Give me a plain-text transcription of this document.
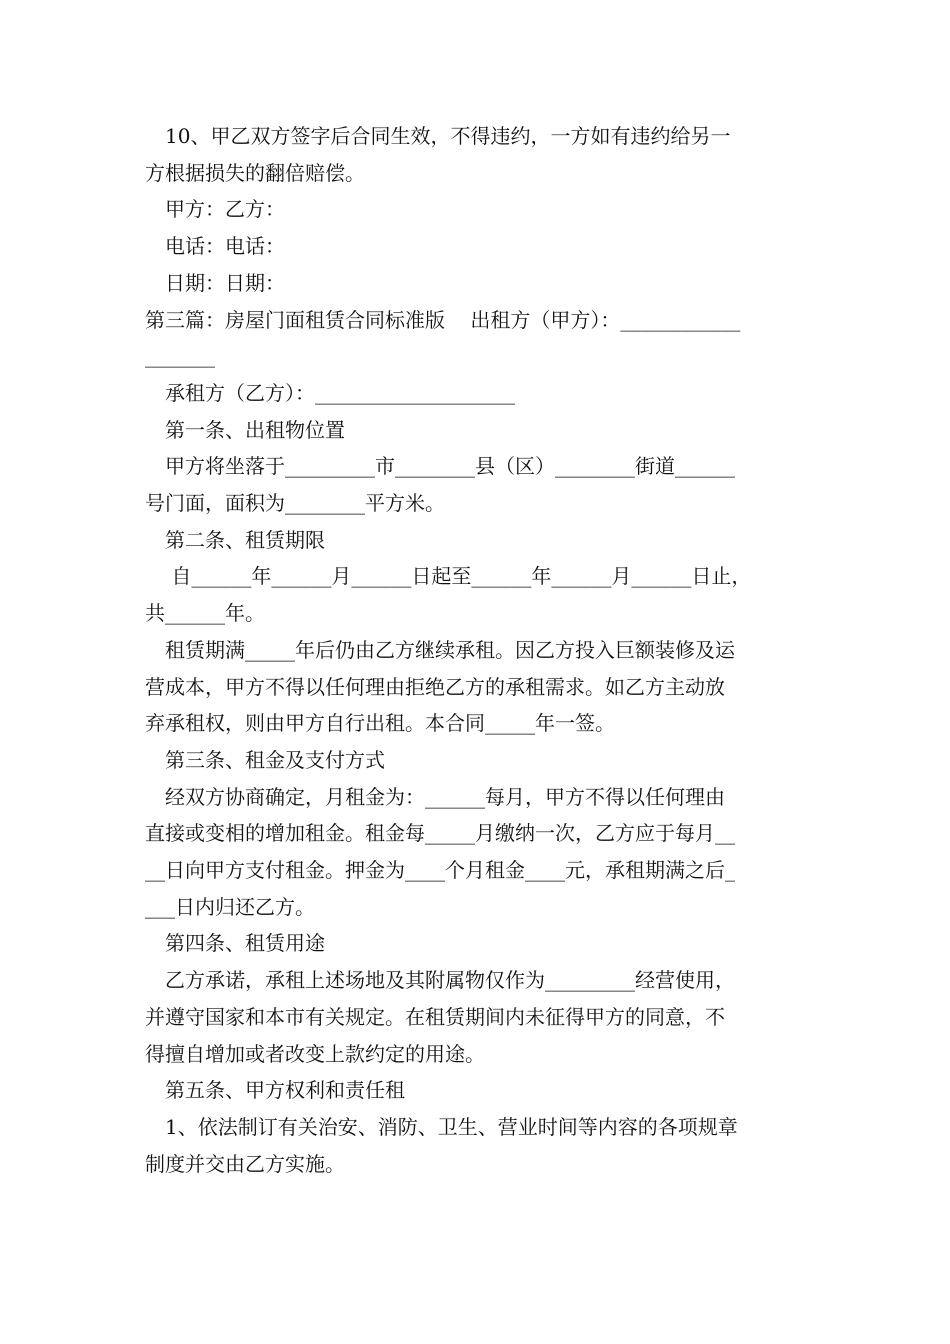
10、甲乙双方签字后合同生效，不得违约，一方如有违约给另一

方根据损失的翻倍赔偿。

甲方：乙方：

电话：电话：

日期：日期：

第三篇：房屋门面租赁合同标准版    出租方（甲方）：____________

_______

承租方（乙方）：____________________

第一条、出租物位置

甲方将坐落于_________市________县（区）________街道______

号门面，面积为________平方米。

第二条、租赁期限

自______年______月______日起至______年______月______日止，

共______年。

租赁期满_____年后仍由乙方继续承租。因乙方投入巨额装修及运

营成本，甲方不得以任何理由拒绝乙方的承租需求。如乙方主动放

弃承租权，则由甲方自行出租。本合同_____年一签。

第三条、租金及支付方式

经双方协商确定，月租金为：______每月，甲方不得以任何理由

直接或变相的增加租金。租金每_____月缴纳一次，乙方应于每月__

__日向甲方支付租金。押金为____个月租金____元，承租期满之后_

___日内归还乙方。

第四条、租赁用途

乙方承诺，承租上述场地及其附属物仅作为_________经营使用，

并遵守国家和本市有关规定。在租赁期间内未征得甲方的同意，不

得擅自增加或者改变上款约定的用途。

第五条、甲方权利和责任租

1、依法制订有关治安、消防、卫生、营业时间等内容的各项规章

制度并交由乙方实施。
